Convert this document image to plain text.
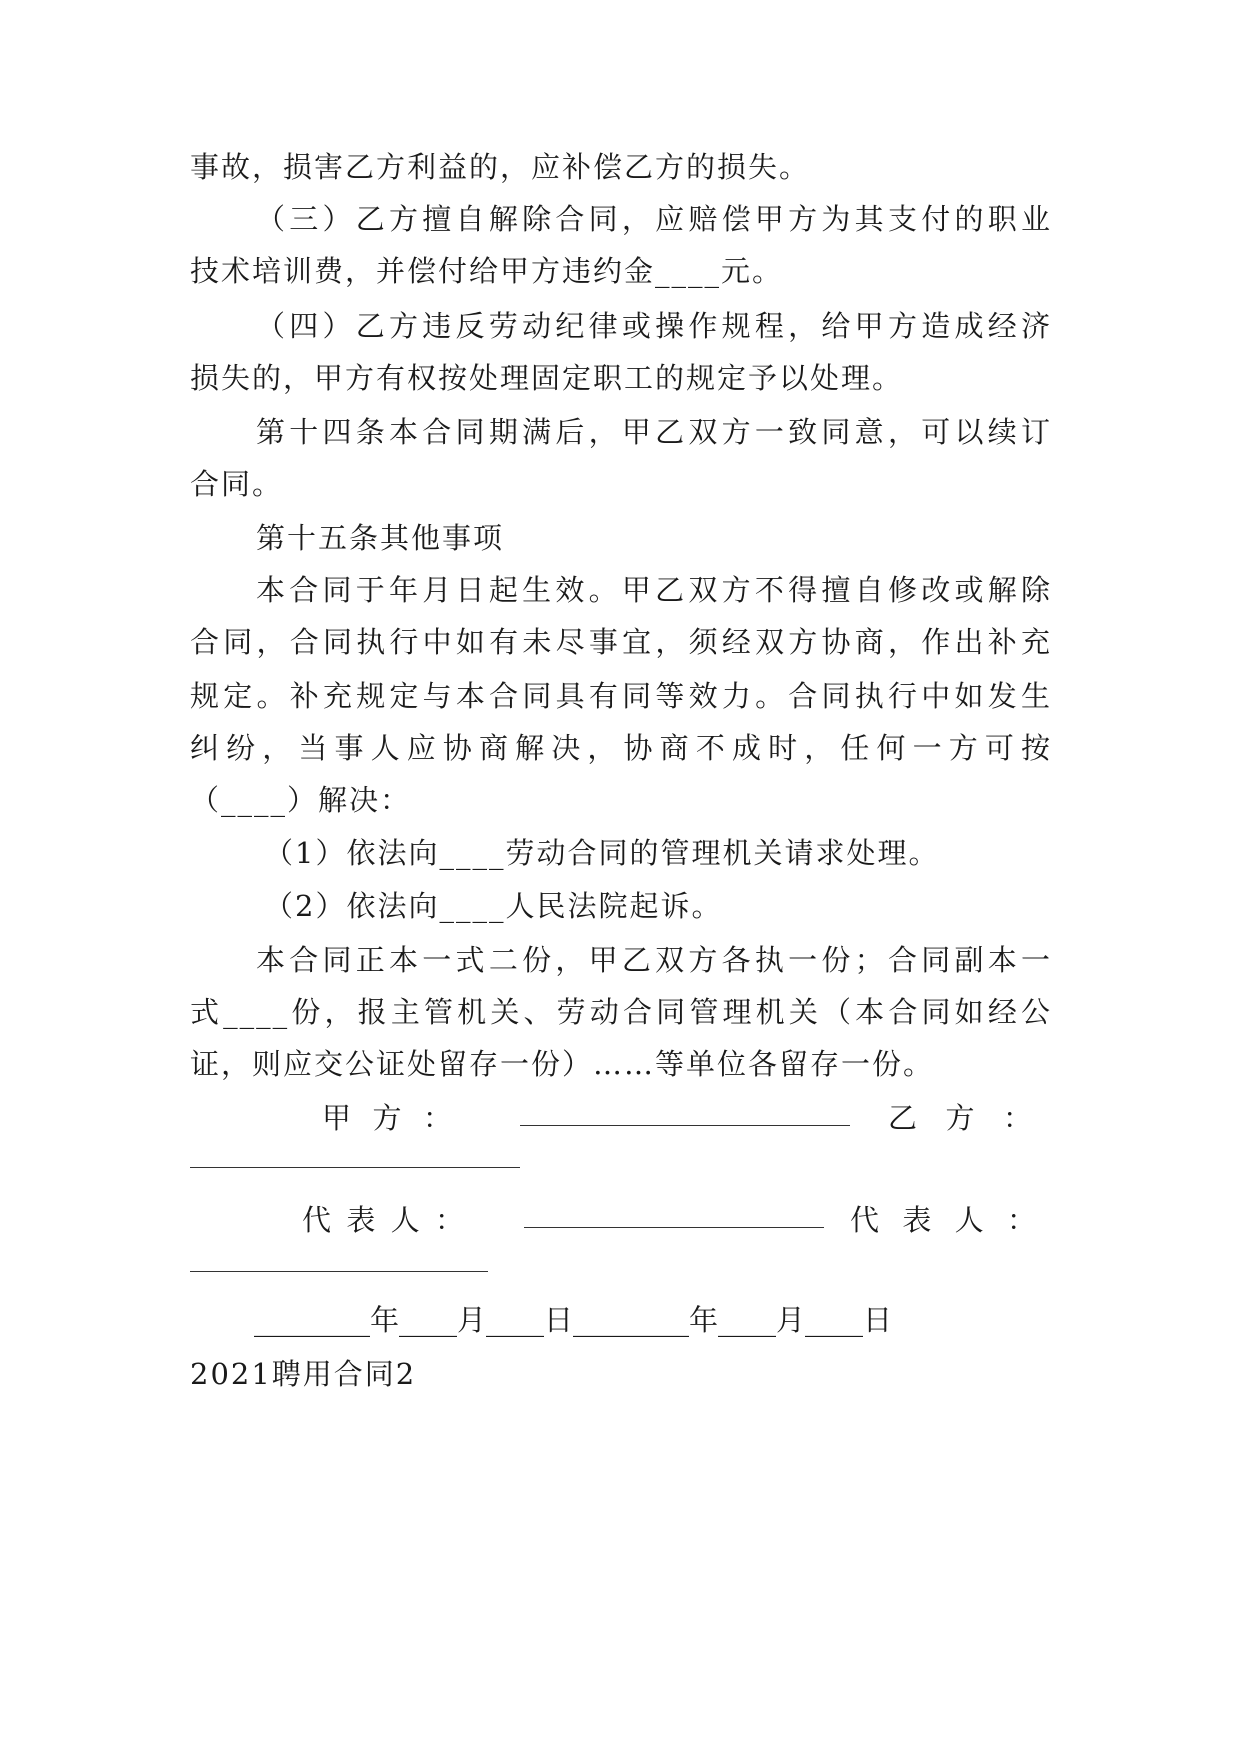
事故，损害乙方利益的，应补偿乙方的损失。
（三）乙方擅自解除合同，应赔偿甲方为其支付的职业
技术培训费，并偿付给甲方违约金____元。
（四）乙方违反劳动纪律或操作规程，给甲方造成经济
损失的，甲方有权按处理固定职工的规定予以处理。
第十四条本合同期满后，甲乙双方一致同意，可以续订
合同。
第十五条其他事项
本合同于年月日起生效。甲乙双方不得擅自修改或解除
合同，合同执行中如有未尽事宜，须经双方协商，作出补充
规定。补充规定与本合同具有同等效力。合同执行中如发生
纠纷，当事人应协商解决，协商不成时，任何一方可按
（____）解决：
（1）依法向____劳动合同的管理机关请求处理。
（2）依法向____人民法院起诉。
本合同正本一式二份，甲乙双方各执一份；合同副本一
式____份，报主管机关、劳动合同管理机关（本合同如经公
证，则应交公证处留存一份）……等单位各留存一份。
甲方：	乙方：
代表人：	代表人：
________年____月____日________年____月____日
2021聘用合同2
